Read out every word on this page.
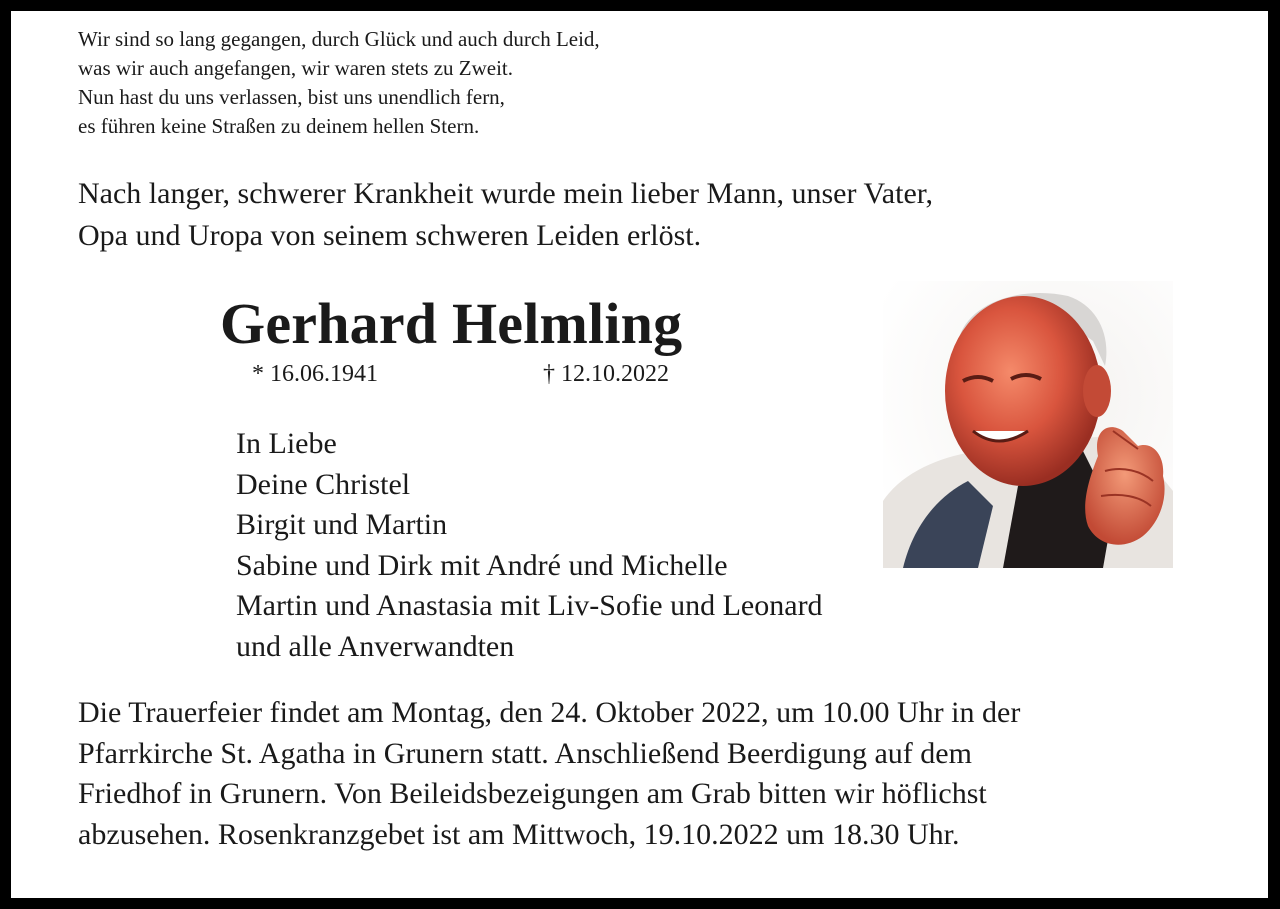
Wir sind so lang gegangen, durch Glück und auch durch Leid,
was wir auch angefangen, wir waren stets zu Zweit.
Nun hast du uns verlassen, bist uns unendlich fern,
es führen keine Straßen zu deinem hellen Stern.
Nach langer, schwerer Krankheit wurde mein lieber Mann, unser Vater,
Opa und Uropa von seinem schweren Leiden erlöst.
Gerhard Helmling
* 16.06.1941	† 12.10.2022
In Liebe
Deine Christel
Birgit und Martin
Sabine und Dirk mit André und Michelle
Martin und Anastasia mit Liv-Sofie und Leonard
und alle Anverwandten
Die Trauerfeier findet am Montag, den 24. Oktober 2022, um 10.00 Uhr in der
Pfarrkirche St. Agatha in Grunern statt. Anschließend Beerdigung auf dem
Friedhof in Grunern. Von Beileidsbezeigungen am Grab bitten wir höflichst
abzusehen. Rosenkranzgebet ist am Mittwoch, 19.10.2022 um 18.30 Uhr.
